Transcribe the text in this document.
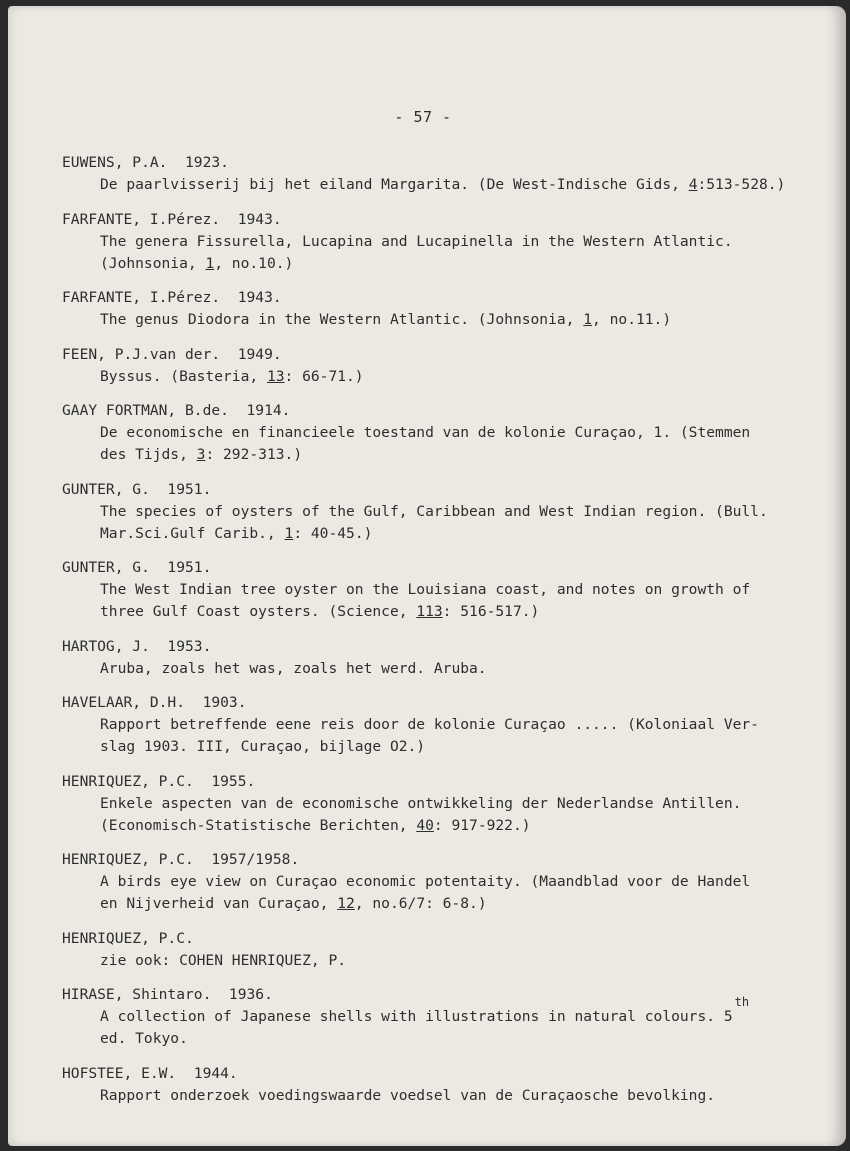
- 57 -
EUWENS, P.A.  1923.
De paarlvisserij bij het eiland Margarita. (De West-Indische Gids, 4:513-528.)
FARFANTE, I.Pérez.  1943.
The genera Fissurella, Lucapina and Lucapinella in the Western Atlantic.
(Johnsonia, 1, no.10.)
FARFANTE, I.Pérez.  1943.
The genus Diodora in the Western Atlantic. (Johnsonia, 1, no.11.)
FEEN, P.J.van der.  1949.
Byssus. (Basteria, 13: 66-71.)
GAAY FORTMAN, B.de.  1914.
De economische en financieele toestand van de kolonie Curaçao, 1. (Stemmen
des Tijds, 3: 292-313.)
GUNTER, G.  1951.
The species of oysters of the Gulf, Caribbean and West Indian region. (Bull.
Mar.Sci.Gulf Carib., 1: 40-45.)
GUNTER, G.  1951.
The West Indian tree oyster on the Louisiana coast, and notes on growth of
three Gulf Coast oysters. (Science, 113: 516-517.)
HARTOG, J.  1953.
Aruba, zoals het was, zoals het werd. Aruba.
HAVELAAR, D.H.  1903.
Rapport betreffende eene reis door de kolonie Curaçao ..... (Koloniaal Ver-
slag 1903. III, Curaçao, bijlage O2.)
HENRIQUEZ, P.C.  1955.
Enkele aspecten van de economische ontwikkeling der Nederlandse Antillen.
(Economisch-Statistische Berichten, 40: 917-922.)
HENRIQUEZ, P.C.  1957/1958.
A birds eye view on Curaçao economic potentaity. (Maandblad voor de Handel
en Nijverheid van Curaçao, 12, no.6/7: 6-8.)
HENRIQUEZ, P.C.
zie ook: COHEN HENRIQUEZ, P.
HIRASE, Shintaro.  1936.
A collection of Japanese shells with illustrations in natural colours. 5th
ed. Tokyo.
HOFSTEE, E.W.  1944.
Rapport onderzoek voedingswaarde voedsel van de Curaçaosche bevolking.
